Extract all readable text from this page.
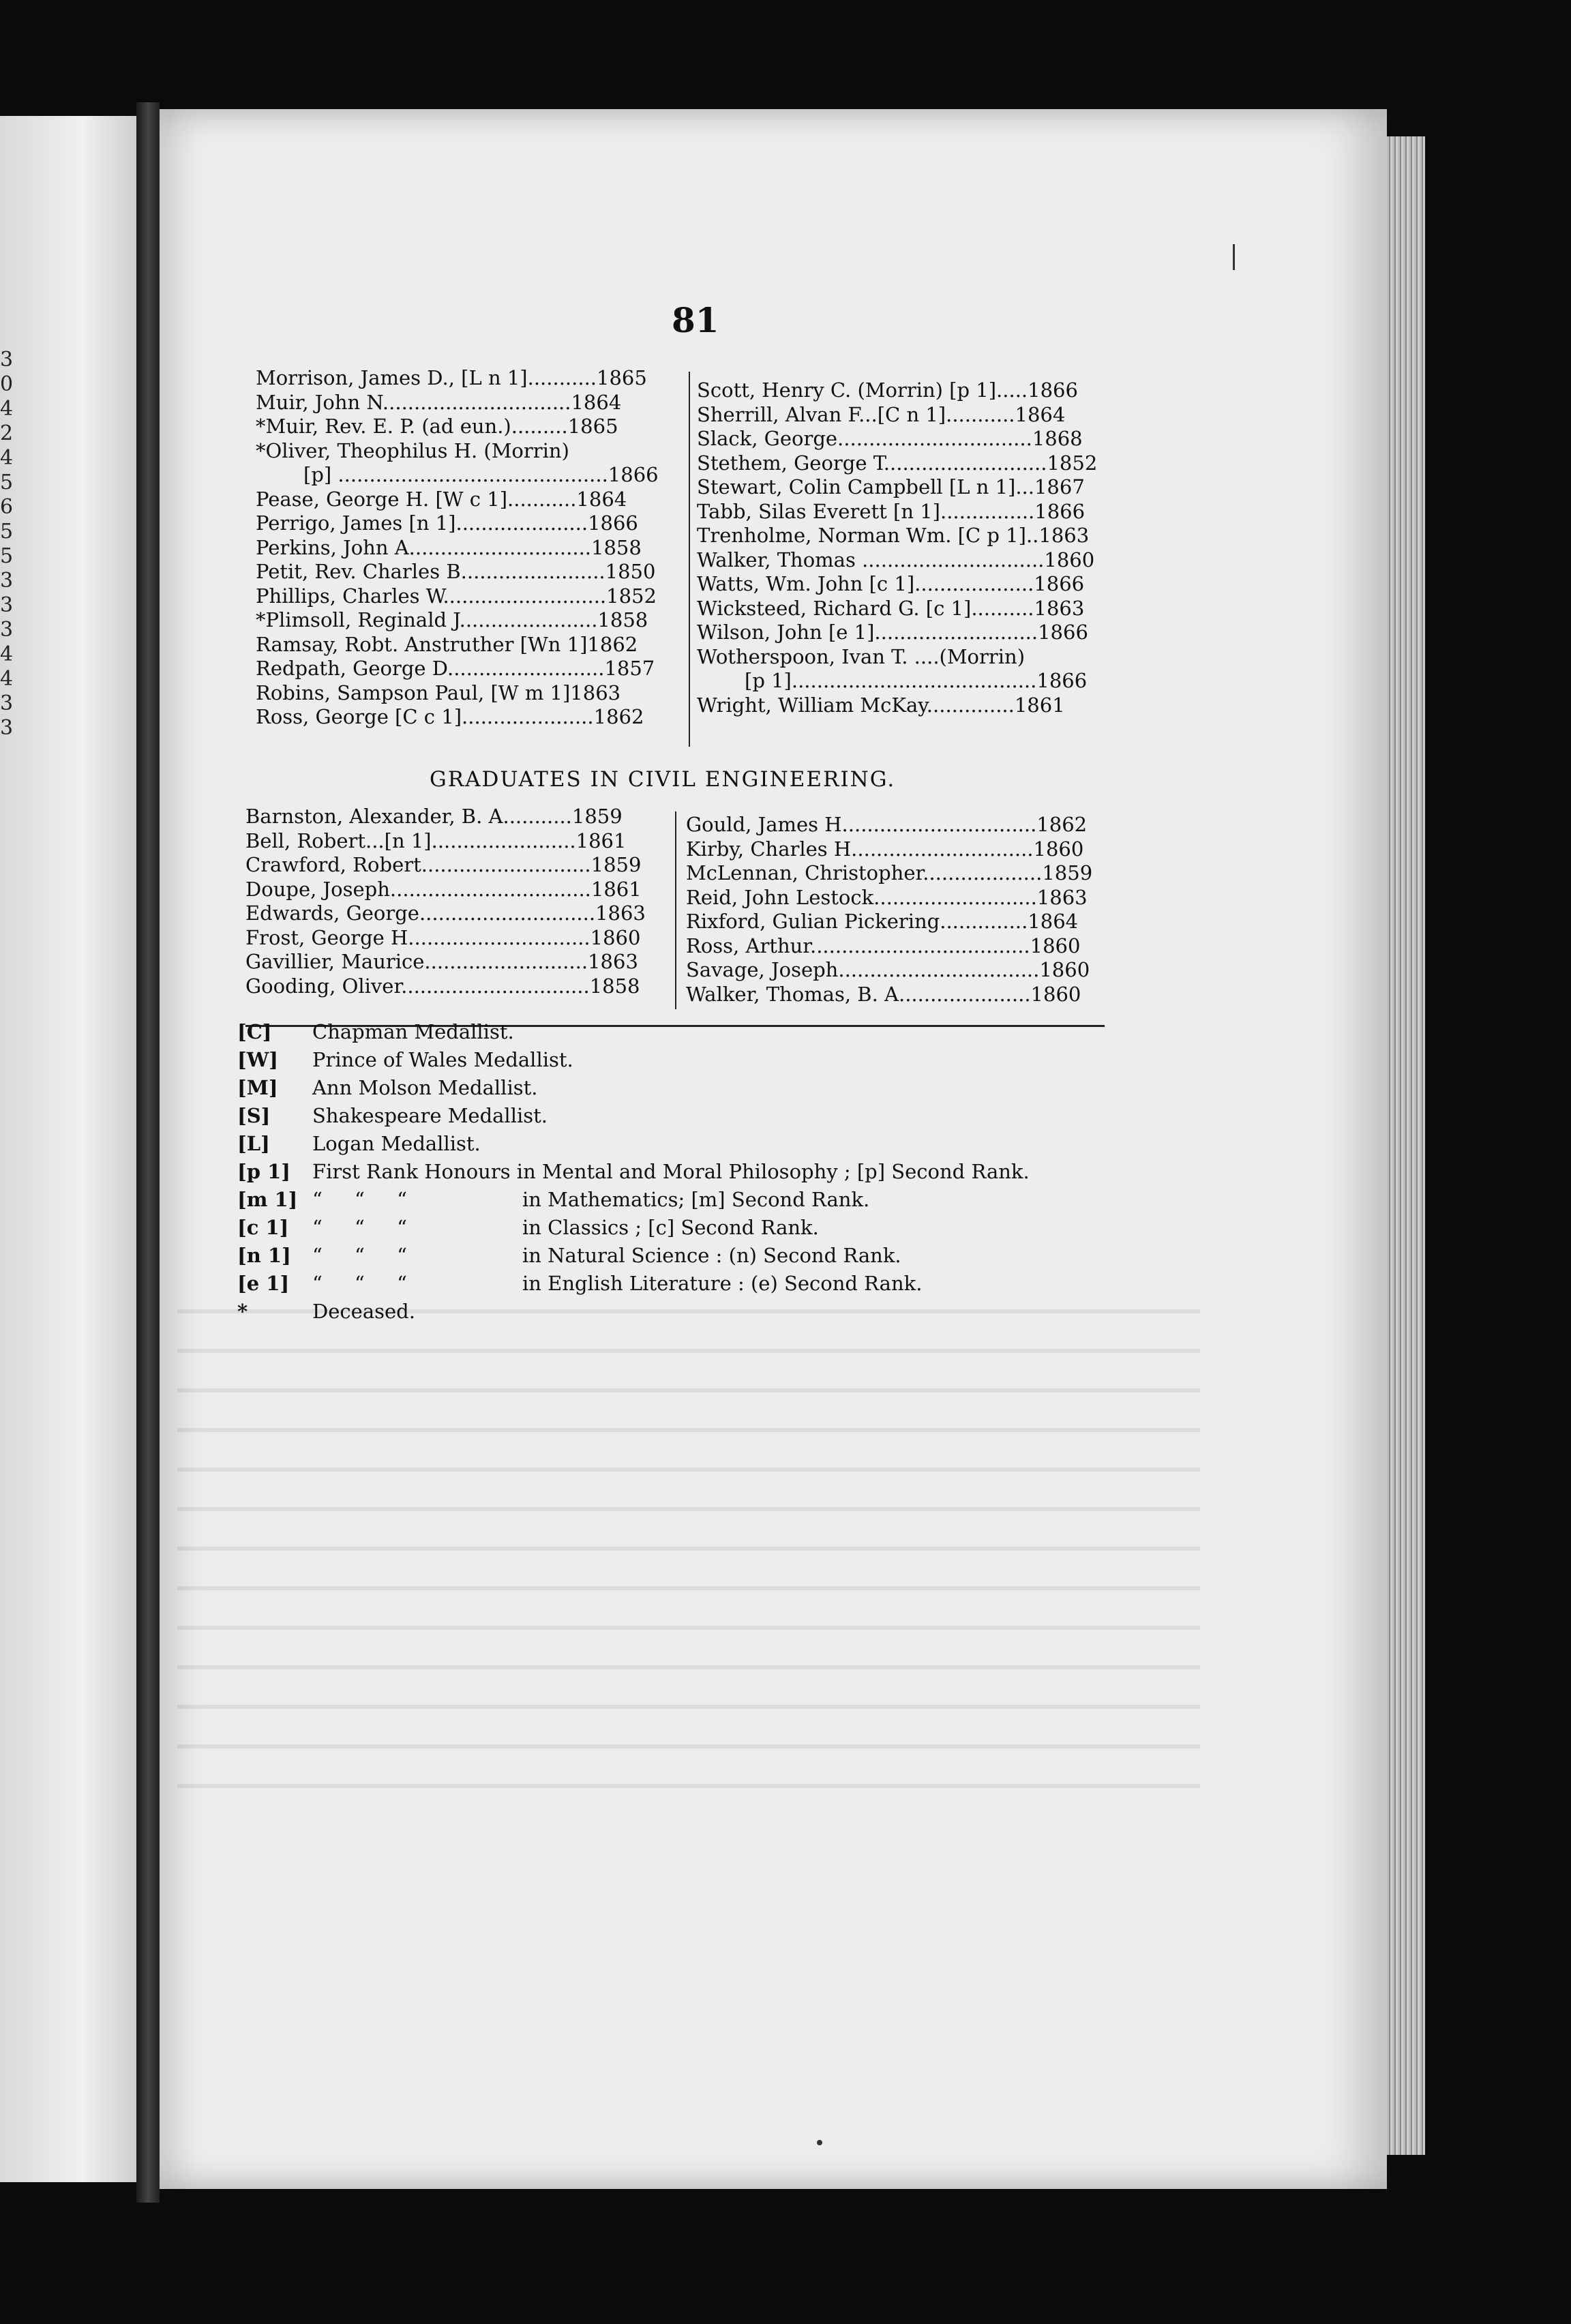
3
0
4
2
4
5
6
5
5
3
3
3
4
4
3
3
81
Morrison, James D., [L n 1]...........1865
Muir, John N..............................1864
*Muir, Rev. E. P. (ad eun.).........1865
*Oliver, Theophilus H. (Morrin)
[p] ...........................................1866
Pease, George H. [W c 1]...........1864
Perrigo, James [n 1].....................1866
Perkins, John A.............................1858
Petit, Rev. Charles B.......................1850
Phillips, Charles W..........................1852
*Plimsoll, Reginald J......................1858
Ramsay, Robt. Anstruther [Wn 1]1862
Redpath, George D.........................1857
Robins, Sampson Paul, [W m 1]1863
Ross, George [C c 1].....................1862
Scott, Henry C. (Morrin) [p 1].....1866
Sherrill, Alvan F...[C n 1]...........1864
Slack, George...............................1868
Stethem, George T..........................1852
Stewart, Colin Campbell [L n 1]...1867
Tabb, Silas Everett [n 1]...............1866
Trenholme, Norman Wm. [C p 1]..1863
Walker, Thomas .............................1860
Watts, Wm. John [c 1]...................1866
Wicksteed, Richard G. [c 1]..........1863
Wilson, John [e 1]..........................1866
Wotherspoon, Ivan T. ....(Morrin)
[p 1].......................................1866
Wright, William McKay..............1861
GRADUATES IN CIVIL ENGINEERING.
Barnston, Alexander, B. A...........1859
Bell, Robert...[n 1].......................1861
Crawford, Robert...........................1859
Doupe, Joseph................................1861
Edwards, George............................1863
Frost, George H.............................1860
Gavillier, Maurice..........................1863
Gooding, Oliver..............................1858
Gould, James H...............................1862
Kirby, Charles H.............................1860
McLennan, Christopher...................1859
Reid, John Lestock..........................1863
Rixford, Gulian Pickering..............1864
Ross, Arthur...................................1860
Savage, Joseph................................1860
Walker, Thomas, B. A.....................1860
[C]	Chapman Medallist.
[W]	Prince of Wales Medallist.
[M]	Ann Molson Medallist.
[S]	Shakespeare Medallist.
[L]	Logan Medallist.
[p 1]	First Rank Honours in Mental and Moral Philosophy ; [p] Second Rank.
[m 1] “ “ “	in Mathematics; [m] Second Rank.
[c 1]	“ “ “	in Classics ; [c] Second Rank.
[n 1]	“ “ “	in Natural Science : (n) Second Rank.
[e 1]	“ “ “	in English Literature : (e) Second Rank.
*	Deceased.
